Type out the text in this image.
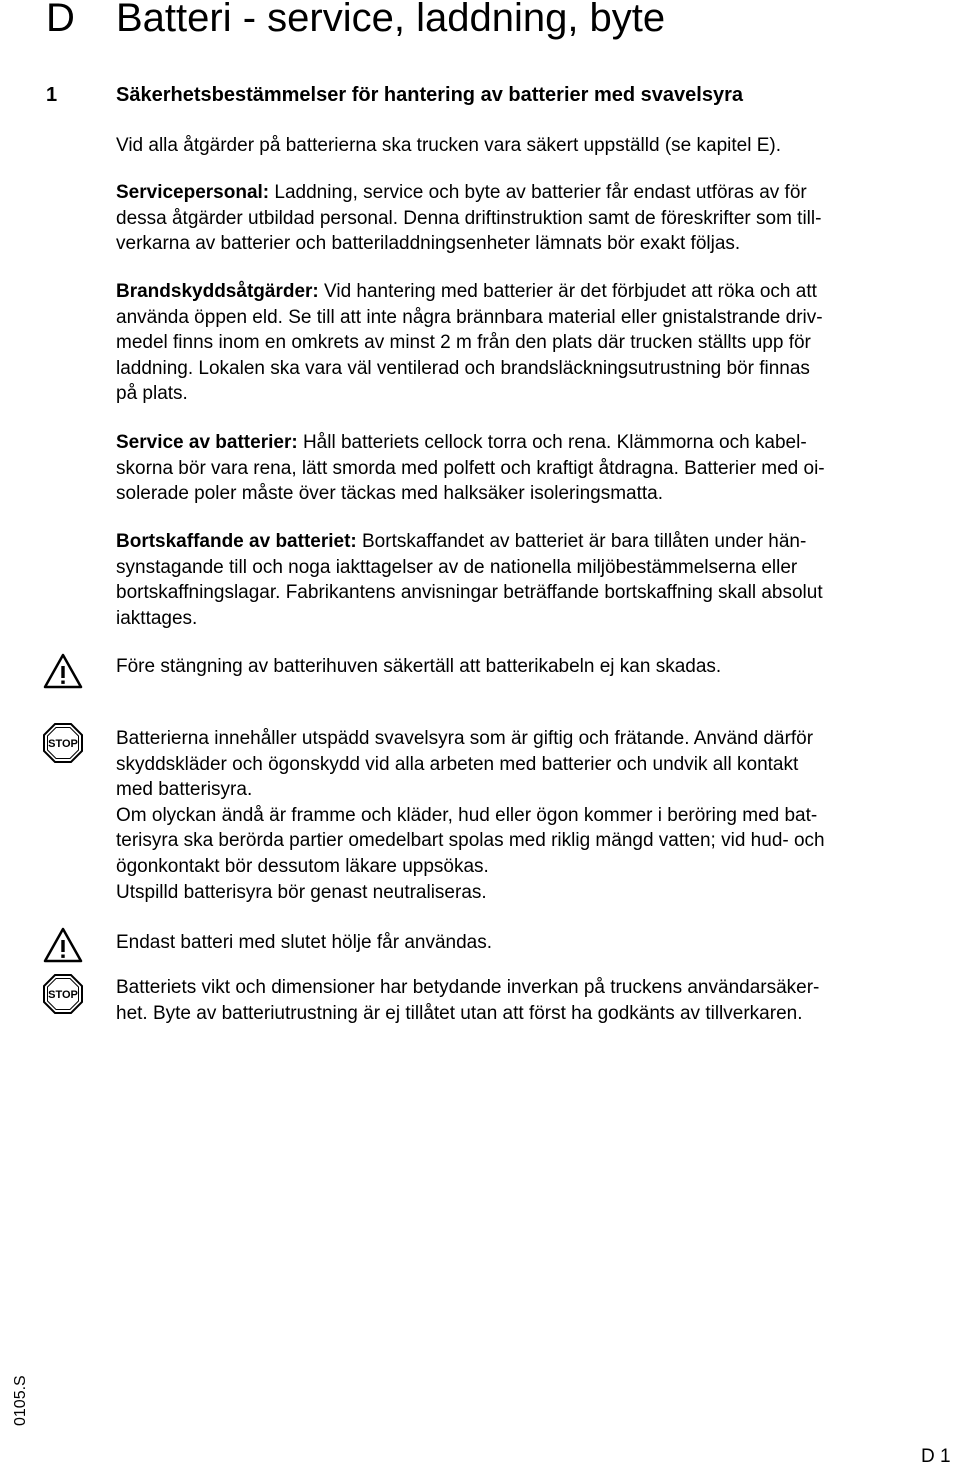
D Batteri - service, laddning, byte
1	Säkerhetsbestämmelser för hantering av batterier med svavelsyra

Vid alla åtgärder på batterierna ska trucken vara säkert uppställd (se kapitel E).

Servicepersonal: Laddning, service och byte av batterier får endast utföras av för
dessa åtgärder utbildad personal. Denna driftinstruktion samt de föreskrifter som till-
verkarna av batterier och batteriladdningsenheter lämnats bör exakt följas.

Brandskyddsåtgärder: Vid hantering med batterier är det förbjudet att röka och att
använda öppen eld. Se till att inte några brännbara material eller gnistalstrande driv-
medel finns inom en omkrets av minst 2 m från den plats där trucken ställts upp för
laddning. Lokalen ska vara väl ventilerad och brandsläckningsutrustning bör finnas
på plats.

Service av batterier: Håll batteriets cellock torra och rena. Klämmorna och kabel-
skorna bör vara rena, lätt smorda med polfett och kraftigt åtdragna. Batterier med oi-
solerade poler måste över täckas med halksäker isoleringsmatta.

Bortskaffande av batteriet: Bortskaffandet av batteriet är bara tillåten under hän-
synstagande till och noga iakttagelser av de nationella miljöbestämmelserna eller
bortskaffningslagar. Fabrikantens anvisningar beträffande bortskaffning skall absolut
iakttages.

Före stängning av batterihuven säkertäll att batterikabeln ej kan skadas.

STOP Batterierna innehåller utspädd svavelsyra som är giftig och frätande. Använd därför
skyddskläder och ögonskydd vid alla arbeten med batterier och undvik all kontakt
med batterisyra.
Om olyckan ändå är framme och kläder, hud eller ögon kommer i beröring med bat-
terisyra ska berörda partier omedelbart spolas med riklig mängd vatten; vid hud- och
ögonkontakt bör dessutom läkare uppsökas.
Utspilld batterisyra bör genast neutraliseras.

Endast batteri med slutet hölje får användas.

STOP Batteriets vikt och dimensioner har betydande inverkan på truckens användarsäker-
het. Byte av batteriutrustning är ej tillåtet utan att först ha godkänts av tillverkaren.

0105.S
D 1
